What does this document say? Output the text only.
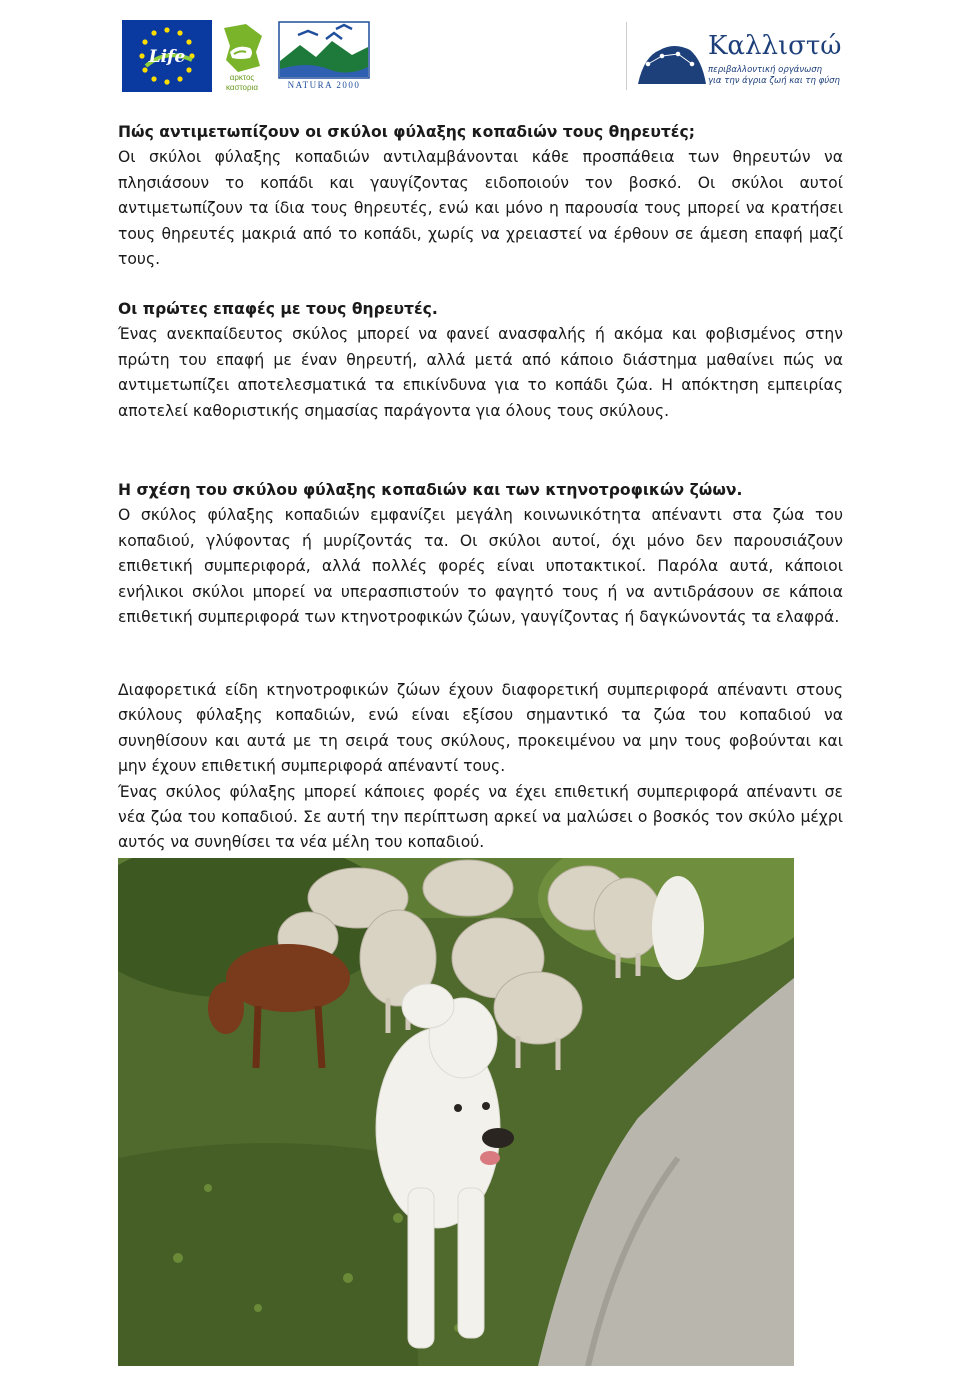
Life
αρκτος
καστορια	NATURA 2000
Καλλιστώ
περιβαλλοντική οργάνωση
για την άγρια ζωή και τη φύση

Πώς αντιμετωπίζουν οι σκύλοι φύλαξης κοπαδιών τους θηρευτές;

Οι σκύλοι φύλαξης κοπαδιών αντιλαμβάνονται κάθε προσπάθεια των θηρευτών να πλησιάσουν το κοπάδι και γαυγίζοντας ειδοποιούν τον βοσκό. Οι σκύλοι αυτοί αντιμετωπίζουν τα ίδια τους θηρευτές, ενώ και μόνο η παρουσία τους μπορεί να κρατήσει τους θηρευτές μακριά από το κοπάδι, χωρίς να χρειαστεί να έρθουν σε άμεση επαφή μαζί τους.

Οι πρώτες επαφές με τους θηρευτές.

Ένας ανεκπαίδευτος σκύλος μπορεί να φανεί ανασφαλής ή ακόμα και φοβισμένος στην πρώτη του επαφή με έναν θηρευτή, αλλά μετά από κάποιο διάστημα μαθαίνει πώς να αντιμετωπίζει αποτελεσματικά τα επικίνδυνα για το κοπάδι ζώα. Η απόκτηση εμπειρίας αποτελεί καθοριστικής σημασίας παράγοντα για όλους τους σκύλους.

Η σχέση του σκύλου φύλαξης κοπαδιών και των κτηνοτροφικών ζώων.

Ο σκύλος φύλαξης κοπαδιών εμφανίζει μεγάλη κοινωνικότητα απέναντι στα ζώα του κοπαδιού, γλύφοντας ή μυρίζοντάς τα. Οι σκύλοι αυτοί, όχι μόνο δεν παρουσιάζουν επιθετική συμπεριφορά, αλλά πολλές φορές είναι υποτακτικοί. Παρόλα αυτά, κάποιοι ενήλικοι σκύλοι μπορεί να υπερασπιστούν το φαγητό τους ή να αντιδράσουν σε κάποια επιθετική συμπεριφορά των κτηνοτροφικών ζώων, γαυγίζοντας ή δαγκώνοντάς τα ελαφρά.

Διαφορετικά είδη κτηνοτροφικών ζώων έχουν διαφορετική συμπεριφορά απέναντι στους σκύλους φύλαξης κοπαδιών, ενώ είναι εξίσου σημαντικό τα ζώα του κοπαδιού να συνηθίσουν και αυτά με τη σειρά τους σκύλους, προκειμένου να μην τους φοβούνται και μην έχουν επιθετική συμπεριφορά απέναντί τους.

Ένας σκύλος φύλαξης μπορεί κάποιες φορές να έχει επιθετική συμπεριφορά απέναντι σε νέα ζώα του κοπαδιού. Σε αυτή την περίπτωση αρκεί να μαλώσει ο βοσκός τον σκύλο μέχρι αυτός να συνηθίσει τα νέα μέλη του κοπαδιού.
